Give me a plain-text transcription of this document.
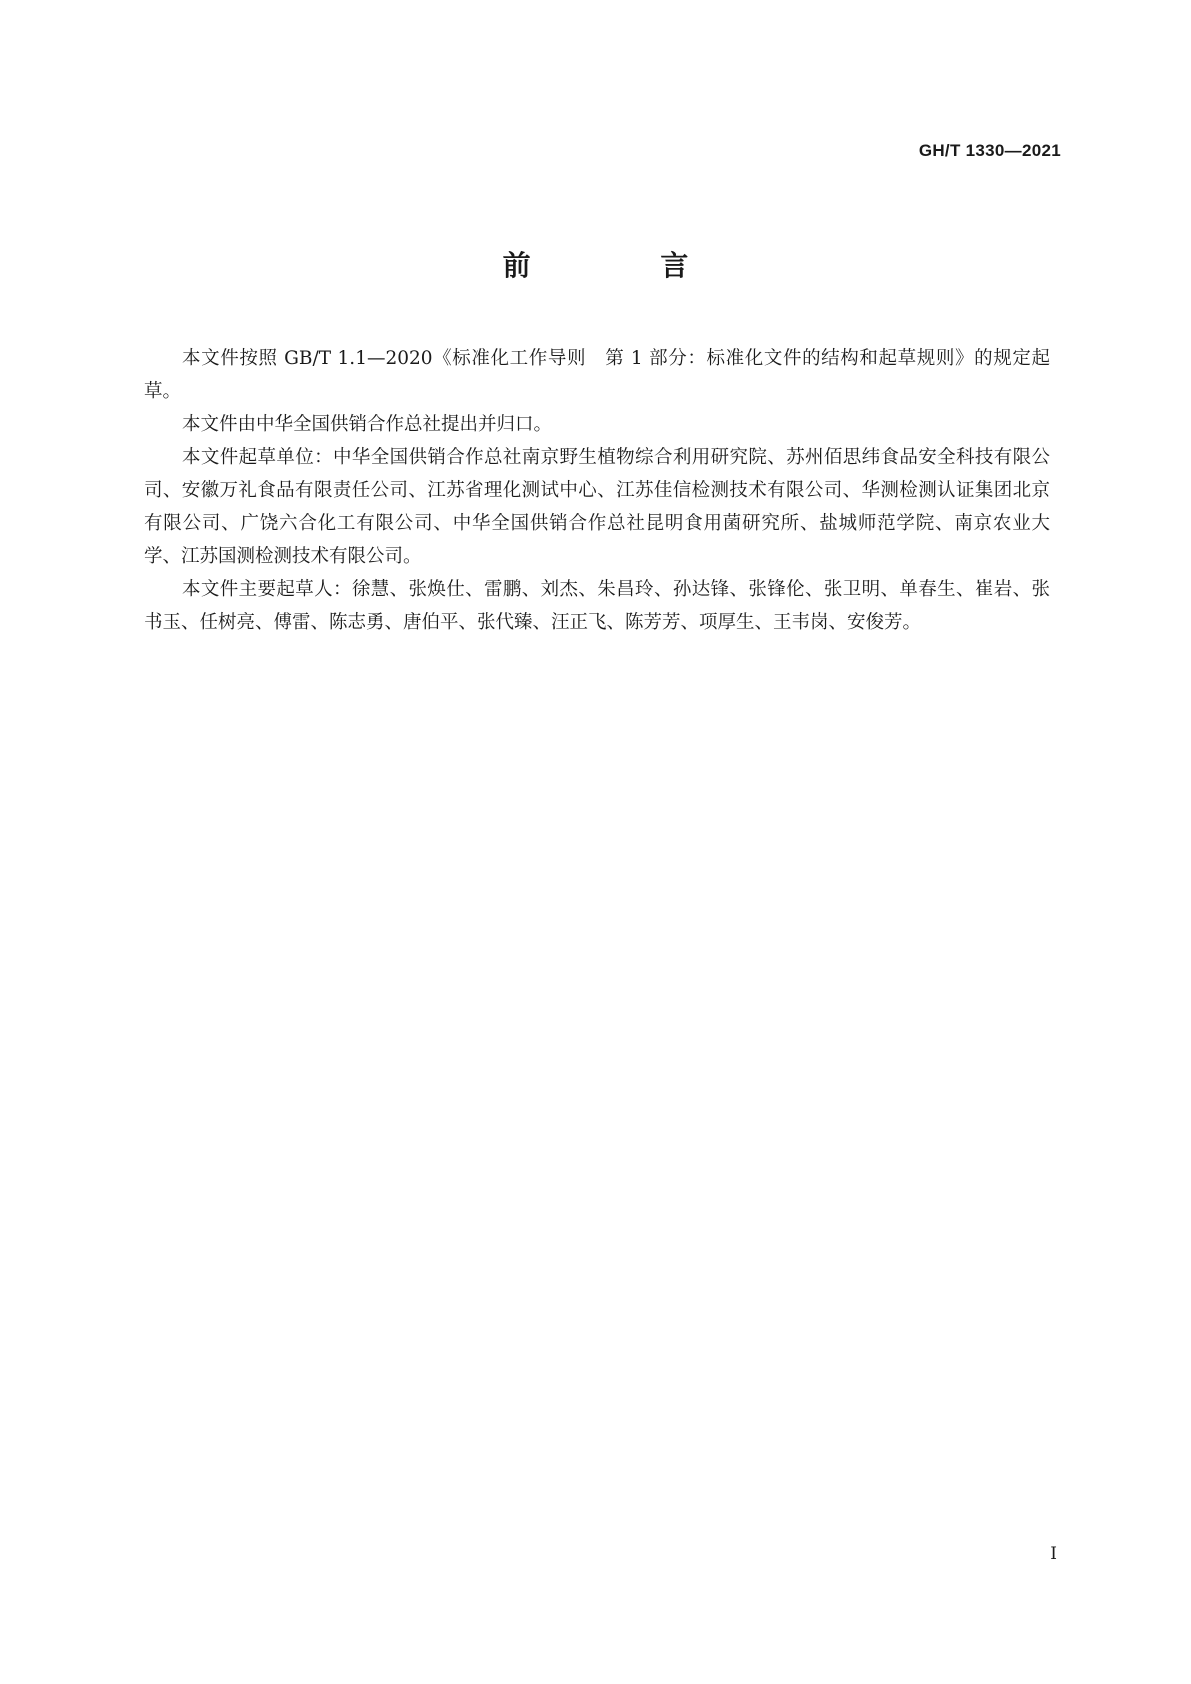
GH/T 1330—2021
前 言

本文件按照 GB/T 1.1—2020《标准化工作导则　第 1 部分：标准化文件的结构和起草规则》的规定起草。

本文件由中华全国供销合作总社提出并归口。

本文件起草单位：中华全国供销合作总社南京野生植物综合利用研究院、苏州佰思纬食品安全科技有限公司、安徽万礼食品有限责任公司、江苏省理化测试中心、江苏佳信检测技术有限公司、华测检测认证集团北京有限公司、广饶六合化工有限公司、中华全国供销合作总社昆明食用菌研究所、盐城师范学院、南京农业大学、江苏国测检测技术有限公司。

本文件主要起草人：徐慧、张焕仕、雷鹏、刘杰、朱昌玲、孙达锋、张锋伦、张卫明、单春生、崔岩、张书玉、任树亮、傅雷、陈志勇、唐伯平、张代臻、汪正飞、陈芳芳、项厚生、王韦岗、安俊芳。

I
